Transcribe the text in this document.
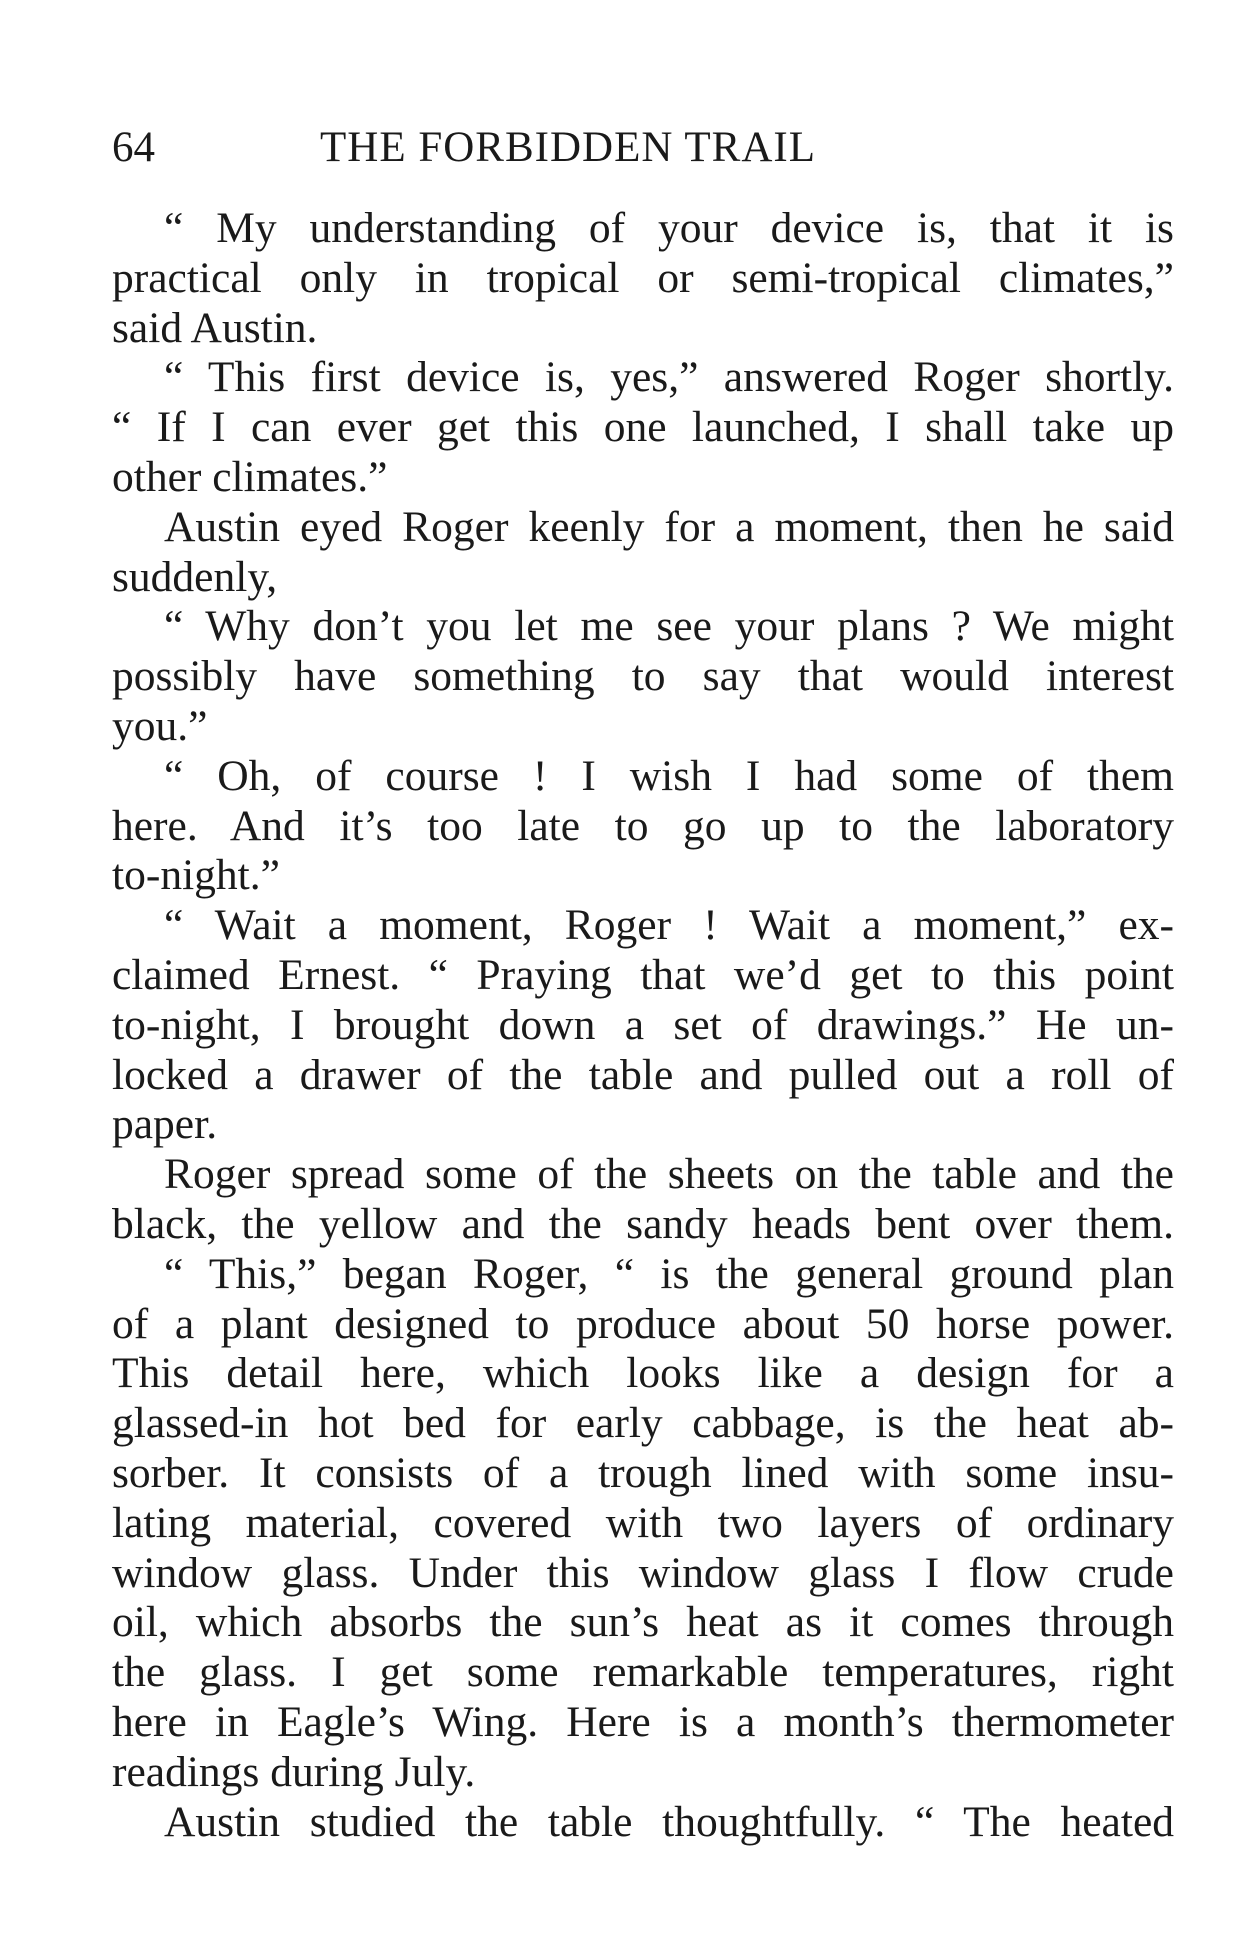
64	THE FORBIDDEN TRAIL
“ My understanding of your device is, that it is
practical only in tropical or semi-tropical climates,”
said Austin.
“ This first device is, yes,” answered Roger shortly.
“ If I can ever get this one launched, I shall take up
other climates.”
Austin eyed Roger keenly for a moment, then he said
suddenly,
“ Why don’t you let me see your plans ? We might
possibly have something to say that would interest
you.”
“ Oh, of course ! I wish I had some of them
here. And it’s too late to go up to the laboratory
to-night.”
“ Wait a moment, Roger ! Wait a moment,” ex-
claimed Ernest. “ Praying that we’d get to this point
to-night, I brought down a set of drawings.” He un-
locked a drawer of the table and pulled out a roll of
paper.
Roger spread some of the sheets on the table and the
black, the yellow and the sandy heads bent over them.
“ This,” began Roger, “ is the general ground plan
of a plant designed to produce about 50 horse power.
This detail here, which looks like a design for a
glassed-in hot bed for early cabbage, is the heat ab-
sorber. It consists of a trough lined with some insu-
lating material, covered with two layers of ordinary
window glass. Under this window glass I flow crude
oil, which absorbs the sun’s heat as it comes through
the glass. I get some remarkable temperatures, right
here in Eagle’s Wing. Here is a month’s thermometer
readings during July.
Austin studied the table thoughtfully. “ The heated
